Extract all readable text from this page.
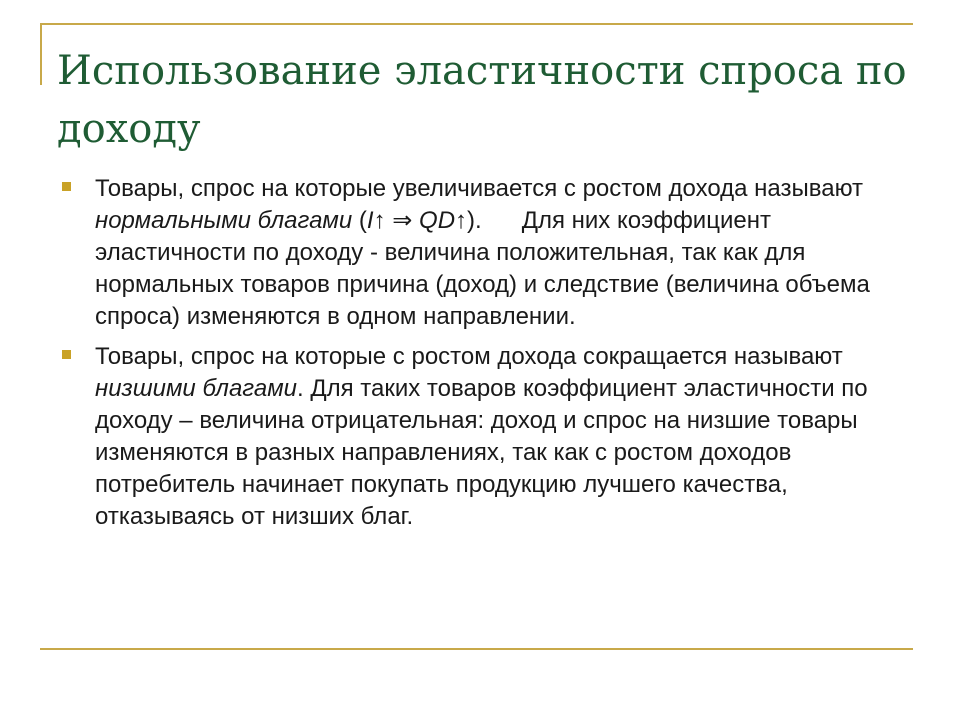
Использование эластичности спроса по доходу
Товары, спрос на которые увеличивается с ростом дохода называют нормальными благами (I↑ ⇒ QD↑). Для них коэффициент эластичности по доходу - величина положительная, так как для нормальных товаров причина (доход) и следствие (величина объема спроса) изменяются в одном направлении.
Товары, спрос на которые с ростом дохода сокращается называют низшими благами. Для таких товаров коэффициент эластичности по доходу – величина отрицательная: доход и спрос на низшие товары изменяются в разных направлениях, так как с ростом доходов потребитель начинает покупать продукцию лучшего качества, отказываясь от низших благ.
